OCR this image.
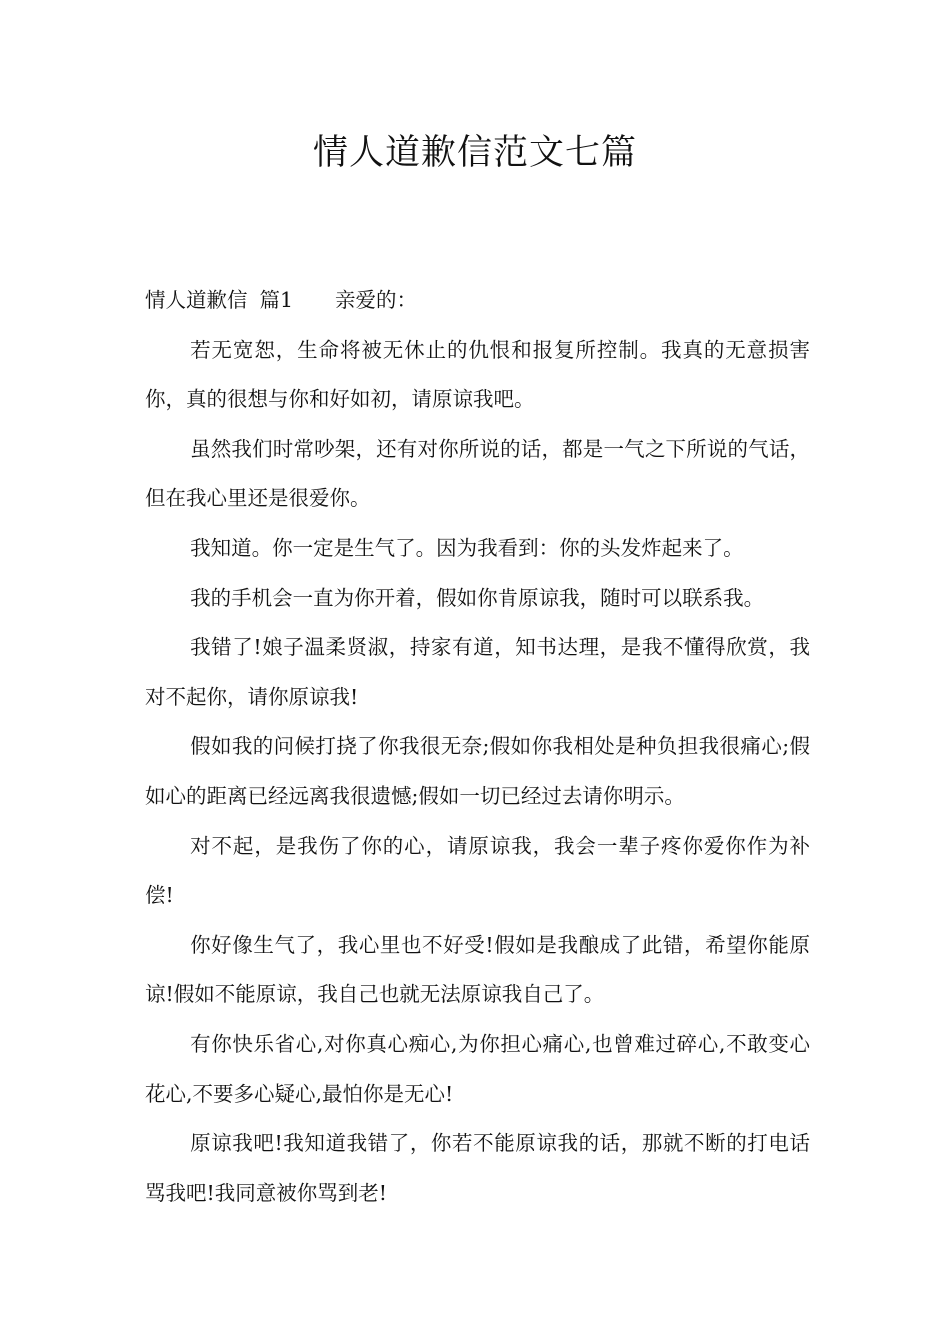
情人道歉信范文七篇

情人道歉信 篇1 亲爱的：

若无宽恕，生命将被无休止的仇恨和报复所控制。我真的无意损害你，真的很想与你和好如初，请原谅我吧。

虽然我们时常吵架，还有对你所说的话，都是一气之下所说的气话，但在我心里还是很爱你。

我知道。你一定是生气了。因为我看到：你的头发炸起来了。

我的手机会一直为你开着，假如你肯原谅我，随时可以联系我。

我错了!娘子温柔贤淑，持家有道，知书达理，是我不懂得欣赏，我对不起你，请你原谅我!

假如我的问候打挠了你我很无奈;假如你我相处是种负担我很痛心;假如心的距离已经远离我很遗憾;假如一切已经过去请你明示。

对不起，是我伤了你的心，请原谅我，我会一辈子疼你爱你作为补偿!

你好像生气了，我心里也不好受!假如是我酿成了此错，希望你能原谅!假如不能原谅，我自己也就无法原谅我自己了。

有你快乐省心,对你真心痴心,为你担心痛心,也曾难过碎心,不敢变心花心,不要多心疑心,最怕你是无心!

原谅我吧!我知道我错了，你若不能原谅我的话，那就不断的打电话骂我吧!我同意被你骂到老!
